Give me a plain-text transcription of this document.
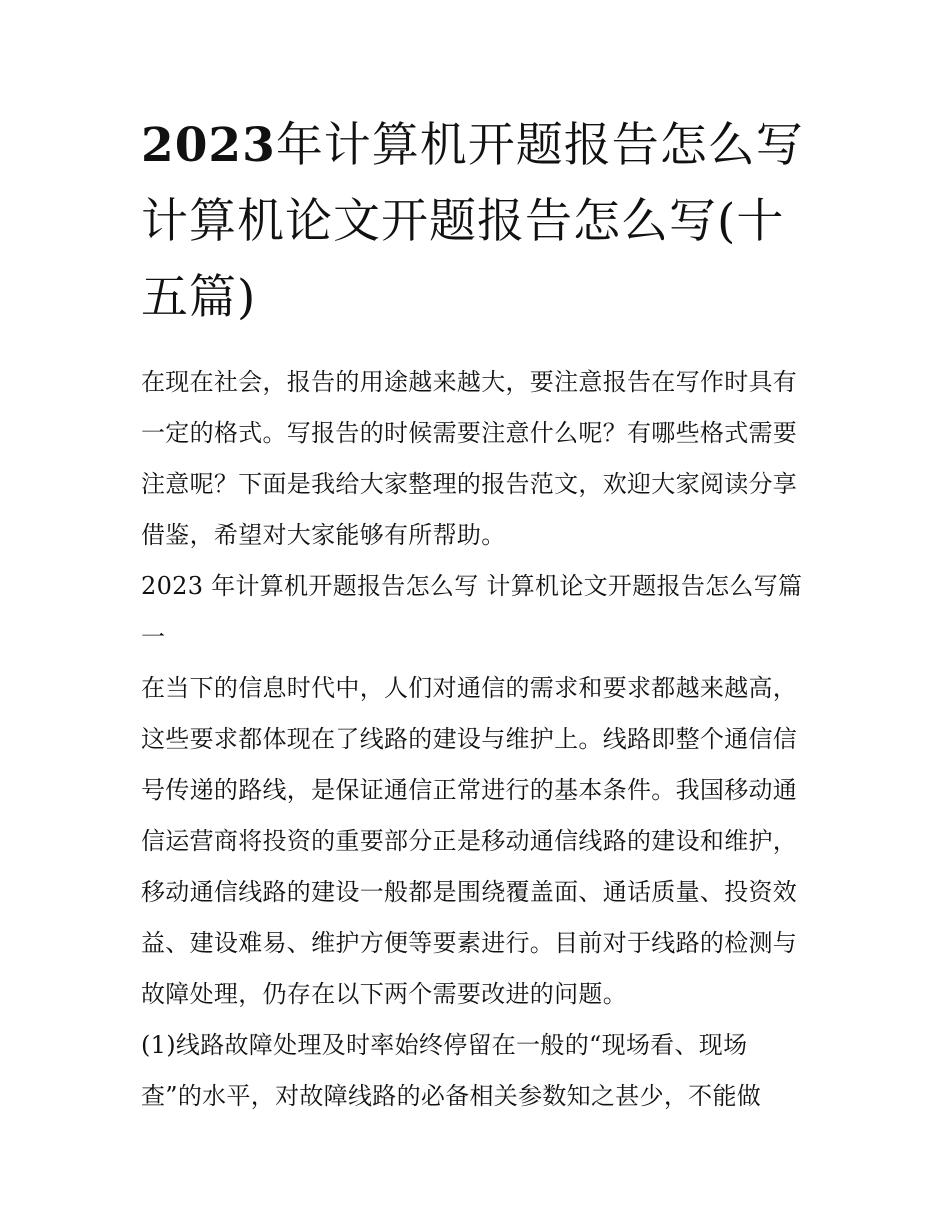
2023年计算机开题报告怎么写
计算机论文开题报告怎么写(十
五篇)

在现在社会，报告的用途越来越大，要注意报告在写作时具有
一定的格式。写报告的时候需要注意什么呢？有哪些格式需要
注意呢？下面是我给大家整理的报告范文，欢迎大家阅读分享
借鉴，希望对大家能够有所帮助。

2023 年计算机开题报告怎么写 计算机论文开题报告怎么写篇
一

在当下的信息时代中，人们对通信的需求和要求都越来越高，
这些要求都体现在了线路的建设与维护上。线路即整个通信信
号传递的路线，是保证通信正常进行的基本条件。我国移动通
信运营商将投资的重要部分正是移动通信线路的建设和维护，
移动通信线路的建设一般都是围绕覆盖面、通话质量、投资效
益、建设难易、维护方便等要素进行。目前对于线路的检测与
故障处理，仍存在以下两个需要改进的问题。

(1)线路故障处理及时率始终停留在一般的“现场看、现场
查”的水平，对故障线路的必备相关参数知之甚少，不能做
